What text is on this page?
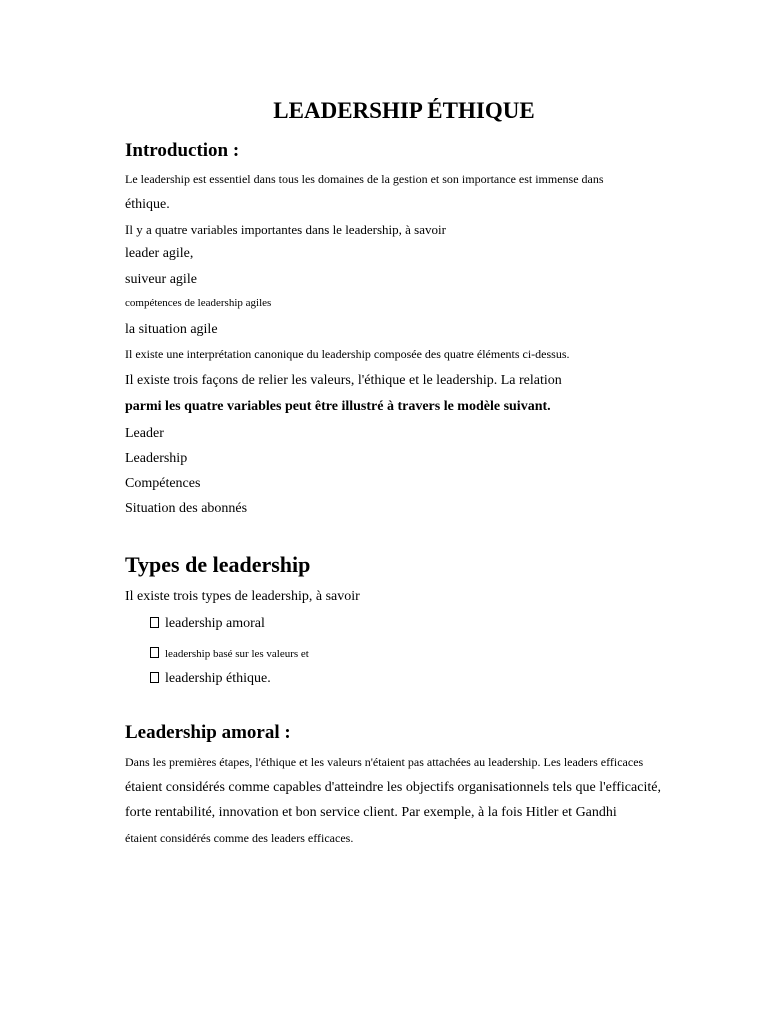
LEADERSHIP ÉTHIQUE
Introduction :
Le leadership est essentiel dans tous les domaines de la gestion et son importance est immense dans
éthique.
Il y a quatre variables importantes dans le leadership, à savoir
leader agile,
suiveur agile
compétences de leadership agiles
la situation agile
Il existe une interprétation canonique du leadership composée des quatre éléments ci-dessus.
Il existe trois façons de relier les valeurs, l'éthique et le leadership. La relation
parmi les quatre variables peut être illustré à travers le modèle suivant.
Leader
Leadership
Compétences
Situation des abonnés
Types de leadership
Il existe trois types de leadership, à savoir
leadership amoral
leadership basé sur les valeurs et
leadership éthique.
Leadership amoral :
Dans les premières étapes, l'éthique et les valeurs n'étaient pas attachées au leadership. Les leaders efficaces
étaient considérés comme capables d'atteindre les objectifs organisationnels tels que l'efficacité,
forte rentabilité, innovation et bon service client. Par exemple, à la fois Hitler et Gandhi
étaient considérés comme des leaders efficaces.
